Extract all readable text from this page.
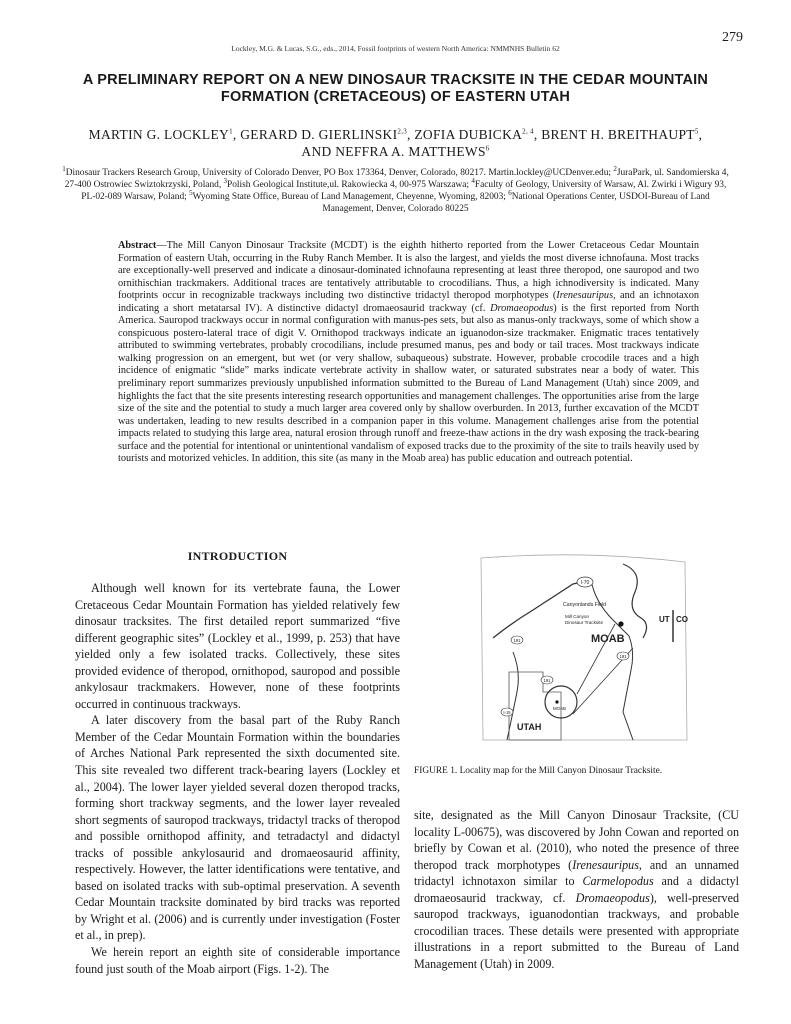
279
Lockley, M.G. & Lucas, S.G., eds., 2014, Fossil footprints of western North America: NMMNHS Bulletin 62
A PRELIMINARY REPORT ON A NEW DINOSAUR TRACKSITE IN THE CEDAR MOUNTAIN FORMATION (CRETACEOUS) OF EASTERN UTAH
MARTIN G. LOCKLEY$^1$, GERARD D. GIERLINSKI$^{2,3}$, ZOFIA DUBICKA$^{2, 4}$, BRENT H. BREITHAUPT$^5$,
AND NEFFRA A. MATTHEWS$^6$
$^1$Dinosaur Trackers Research Group, University of Colorado Denver, PO Box 173364, Denver, Colorado, 80217. Martin.lockley@UCDenver.edu; $^2$JuraPark, ul. Sandomierska 4, 27-400 Ostrowiec Swiztokrzyski, Poland, $^3$Polish Geological Institute,ul. Rakowiecka 4, 00-975 Warszawa; $^4$Faculty of Geology, University of Warsaw, Al. Zwirki i Wigury 93, PL-02-089 Warsaw, Poland; $^5$Wyoming State Office, Bureau of Land Management, Cheyenne, Wyoming, 82003; $^6$National Operations Center, USDOI-Bureau of Land Management, Denver, Colorado 80225
Abstract—The Mill Canyon Dinosaur Tracksite (MCDT) is the eighth hitherto reported from the Lower Cretaceous Cedar Mountain Formation of eastern Utah, occurring in the Ruby Ranch Member. It is also the largest, and yields the most diverse ichnofauna. Most tracks are exceptionally-well preserved and indicate a dinosaur-dominated ichnofauna representing at least three theropod, one sauropod and two ornithischian trackmakers. Additional traces are tentatively attributable to crocodilians. Thus, a high ichnodiversity is indicated. Many footprints occur in recognizable trackways including two distinctive tridactyl theropod morphotypes (Irenesauripus, and an ichnotaxon indicating a short metatarsal IV). A distinctive didactyl dromaeosaurid trackway (cf. Dromaeopodus) is the first reported from North America. Sauropod trackways occur in normal configuration with manus-pes sets, but also as manus-only trackways, some of which show a conspicuous postero-lateral trace of digit V. Ornithopod trackways indicate an iguanodon-size trackmaker. Enigmatic traces tentatively attributed to swimming vertebrates, probably crocodilians, include presumed manus, pes and body or tail traces. Most trackways indicate walking progression on an emergent, but wet (or very shallow, subaqueous) substrate. However, probable crocodile traces and a high incidence of enigmatic “slide” marks indicate vertebrate activity in shallow water, or saturated substrates near a body of water. This preliminary report summarizes previously unpublished information submitted to the Bureau of Land Management (Utah) since 2009, and highlights the fact that the site presents interesting research opportunities and management challenges. The opportunities arise from the large size of the site and the potential to study a much larger area covered only by shallow overburden. In 2013, further excavation of the MCDT was undertaken, leading to new results described in a companion paper in this volume. Management challenges arise from the potential impacts related to studying this large area, natural erosion through runoff and freeze-thaw actions in the dry wash exposing the track-bearing surface and the potential for intentional or unintentional vandalism of exposed tracks due to the proximity of the site to trails heavily used by tourists and motorized vehicles. In addition, this site (as many in the Moab area) has public education and outreach potential.
INTRODUCTION

Although well known for its vertebrate fauna, the Lower Cretaceous Cedar Mountain Formation has yielded relatively few dinosaur tracksites. The first detailed report summarized “five different geographic sites” (Lockley et al., 1999, p. 253) that have yielded only a few isolated tracks. Collectively, these sites provided evidence of theropod, ornithopod, sauropod and possible ankylosaur trackmakers. However, none of these footprints occurred in continuous trackways.

A later discovery from the basal part of the Ruby Ranch Member of the Cedar Mountain Formation within the boundaries of Arches National Park represented the sixth documented site. This site revealed two different track-bearing layers (Lockley et al., 2004). The lower layer yielded several dozen theropod tracks, forming short trackway segments, and the lower layer revealed short segments of sauropod trackways, tridactyl tracks of theropod and possible ornithopod affinity, and tetradactyl and didactyl tracks of possible ankylosaurid and dromaeosaurid affinity, respectively. However, the latter identifications were tentative, and based on isolated tracks with sub-optimal preservation. A seventh Cedar Mountain tracksite dominated by bird tracks was reported by Wright et al. (2006) and is currently under investigation (Foster et al., in prep).

We herein report an eighth site of considerable importance found just south of the Moab airport (Figs. 1-2). The

I-70
Canyonlands Field
Mill Canyon
Dinosaur Tracksite
MOAB
UT CO
191
191
191
MOAB
I-15
UTAH
FIGURE 1. Locality map for the Mill Canyon Dinosaur Tracksite.

site, designated as the Mill Canyon Dinosaur Tracksite, (CU locality L-00675), was discovered by John Cowan and reported on briefly by Cowan et al. (2010), who noted the presence of three theropod track morphotypes (Irenesauripus, and an unnamed tridactyl ichnotaxon similar to Carmelopodus and a didactyl dromaeosaurid trackway, cf. Dromaeopodus), well-preserved sauropod trackways, iguanodontian trackways, and probable crocodilian traces. These details were presented with appropriate illustrations in a report submitted to the Bureau of Land Management (Utah) in 2009.
